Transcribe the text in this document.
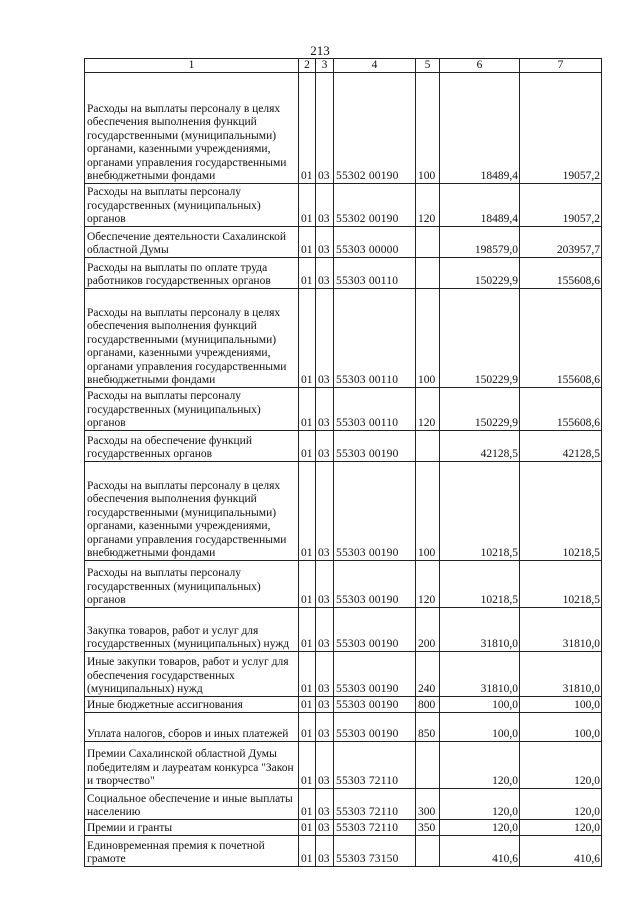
213
1	2	3	4	5	6	7
Расходы на выплаты персоналу в целях обеспечения выполнения функций государственными (муниципальными) органами, казенными учреждениями, органами управления государственными внебюджетными фондами	01	03	55302 00190	100	18489,4	19057,2
Расходы на выплаты персоналу государственных (муниципальных) органов	01	03	55302 00190	120	18489,4	19057,2
Обеспечение деятельности Сахалинской областной Думы	01	03	55303 00000		198579,0	203957,7
Расходы на выплаты по оплате труда работников государственных органов	01	03	55303 00110		150229,9	155608,6
Расходы на выплаты персоналу в целях обеспечения выполнения функций государственными (муниципальными) органами, казенными учреждениями, органами управления государственными внебюджетными фондами	01	03	55303 00110	100	150229,9	155608,6
Расходы на выплаты персоналу государственных (муниципальных) органов	01	03	55303 00110	120	150229,9	155608,6
Расходы на обеспечение функций государственных органов	01	03	55303 00190		42128,5	42128,5
Расходы на выплаты персоналу в целях обеспечения выполнения функций государственными (муниципальными) органами, казенными учреждениями, органами управления государственными внебюджетными фондами	01	03	55303 00190	100	10218,5	10218,5
Расходы на выплаты персоналу государственных (муниципальных) органов	01	03	55303 00190	120	10218,5	10218,5
Закупка товаров, работ и услуг для государственных (муниципальных) нужд	01	03	55303 00190	200	31810,0	31810,0
Иные закупки товаров, работ и услуг для обеспечения государственных (муниципальных) нужд	01	03	55303 00190	240	31810,0	31810,0
Иные бюджетные ассигнования	01	03	55303 00190	800	100,0	100,0
Уплата налогов, сборов и иных платежей	01	03	55303 00190	850	100,0	100,0
Премии Сахалинской областной Думы победителям и лауреатам конкурса "Закон и творчество"	01	03	55303 72110		120,0	120,0
Социальное обеспечение и иные выплаты населению	01	03	55303 72110	300	120,0	120,0
Премии и гранты	01	03	55303 72110	350	120,0	120,0
Единовременная премия к почетной грамоте	01	03	55303 73150		410,6	410,6
